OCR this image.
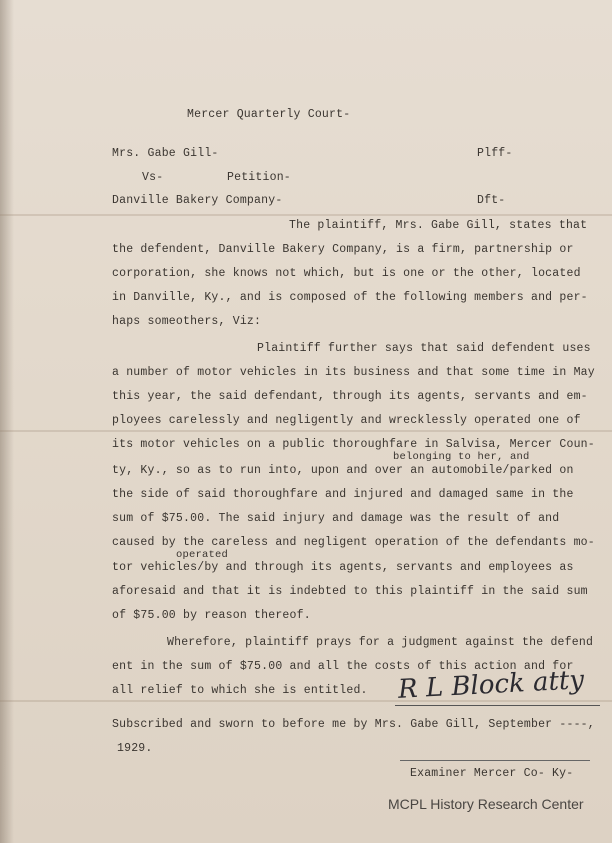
Mercer Quarterly Court-
Mrs. Gabe Gill-	Plff-
Vs-	Petition-
Danville Bakery Company-	Dft-
The plaintiff, Mrs. Gabe Gill, states that
the defendent, Danville Bakery Company, is a firm, partnership or
corporation, she knows not which, but is one or the other, located
in Danville, Ky., and is composed of the following members and per-
haps someothers, Viz:
Plaintiff further says that said defendent uses
a number of motor vehicles in its business and that some time in May
this year, the said defendant, through its agents, servants and em-
ployees carelessly and negligently and wrecklessly operated one of
its motor vehicles on a public thoroughfare in Salvisa, Mercer Coun-
belonging to her, and
ty, Ky., so as to run into, upon and over an automobile/parked on
the side of said thoroughfare and injured and damaged same in the
sum of $75.00. The said injury and damage was the result of and
caused by the careless and negligent operation of the defendants mo-
operated
tor vehicles/by and through its agents, servants and employees as
aforesaid and that it is indebted to this plaintiff in the said sum
of $75.00 by reason thereof.
Wherefore, plaintiff prays for a judgment against the defend
ent in the sum of $75.00 and all the costs of this action and for
all relief to which she is entitled. R L Block atty
Subscribed and sworn to before me by Mrs. Gabe Gill, September ----,
1929.
Examiner Mercer Co- Ky-
MCPL History Research Center
